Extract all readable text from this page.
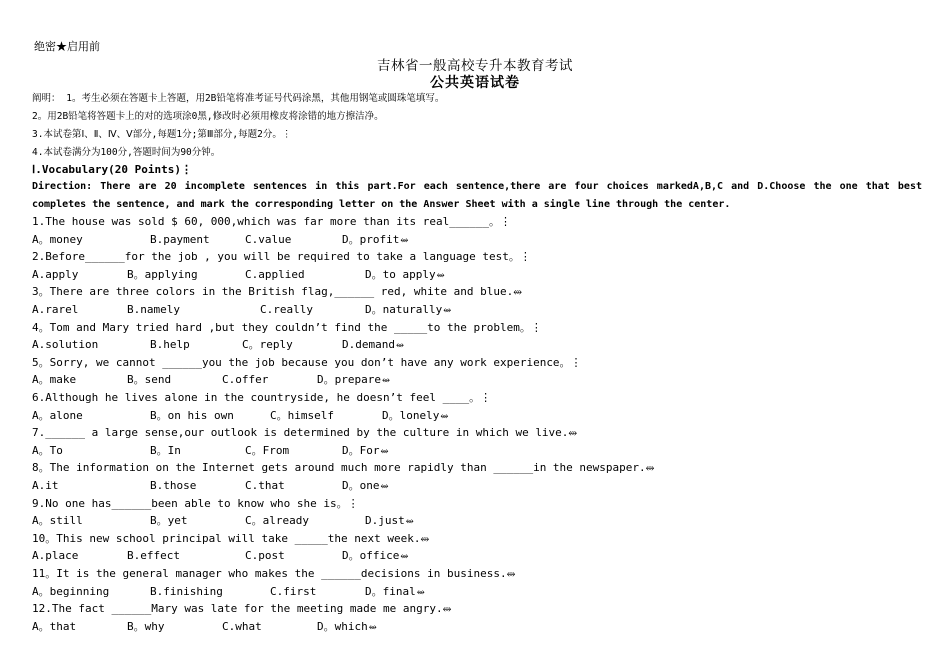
绝密★启用前
吉林省一般高校专升本教育考试
公共英语试卷
阐明： 1。考生必须在答题卡上答题，用2B铅笔将准考证号代码涂黑，其他用钢笔或圆珠笔填写。
2。用2B铅笔将答题卡上的对的选项涂0黑,修改时必须用橡皮将涂错的地方擦洁净。
3.本试卷第Ⅰ、Ⅱ、Ⅳ、Ⅴ部分,每题1分;第Ⅲ部分,每题2分。⋮
4.本试卷满分为100分,答题时间为90分钟。
Ⅰ.Vocabulary(20 Points)⋮
Direction: There are 20 incomplete sentences in this part.For each sentence,there are four choices markedA,B,C and D.Choose the one that best completes the sentence, and mark the corresponding letter on the Answer Sheet with a single line through the center.
1.The house was sold $ 60, 000,which was far more than its real______。⋮
A。money	B.payment	C.value	D。profit⥈
2.Before______for the job , you will be required to take a language test。⋮
A.apply	B。applying	C.applied	D。to apply⥈
3。There are three colors in the British flag,______ red, white and blue.⥈
A.rarel	B.namely	C.really	D。naturally⥈
4。Tom and Mary tried hard ,but they couldn’t find the _____to the problem。⋮
A.solution	B.help	C。reply	D.demand⥈
5。Sorry, we cannot ______you the job because you don’t have any work experience。⋮
A。make	B。send	C.offer	D。prepare⥈
6.Although he lives alone in the countryside, he doesn’t feel ____。⋮
A。alone	B。on his own	C。himself	D。lonely⥈
7.______ a large sense,our outlook is determined by the culture in which we live.⥈
A。To	B。In	C。From	D。For⥈
8。The information on the Internet gets around much more rapidly than ______in the newspaper.⥈
A.it	B.those	C.that	D。one⥈
9.No one has______been able to know who she is。⋮
A。still	B。yet	C。already	D.just⥈
10。This new school principal will take _____the next week.⥈
A.place	B.effect	C.post	D。office⥈
11。It is the general manager who makes the ______decisions in business.⥈
A。beginning	B.finishing	C.first	D。final⥈
12.The fact ______Mary was late for the meeting made me angry.⥈
A。that	B。why	C.what	D。which⥈
